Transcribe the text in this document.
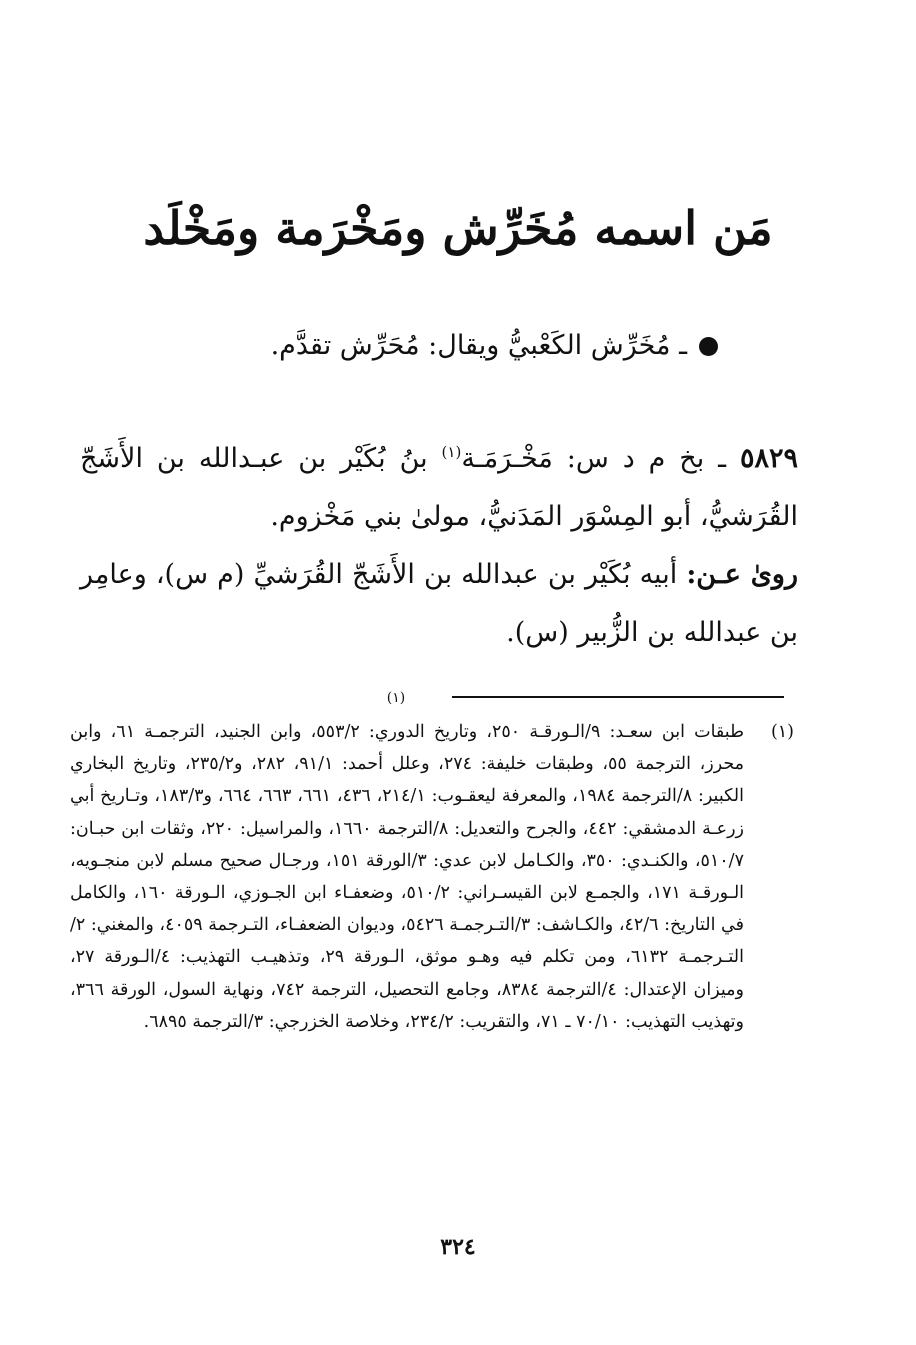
مَن اسمه مُخَرِّش ومَخْرَمة ومَخْلَد
ـ مُخَرِّش الكَعْبيُّ ويقال: مُحَرِّش تقدَّم.

٥٨٢٩ ـ بخ م د س: مَخْـرَمَـة$^{(١)}$ بنُ بُكَيْر بن عبـدالله بن الأَشَجّ القُرَشيُّ، أبو المِسْوَر المَدَنيُّ، مولىٰ بني مَخْزوم.

روىٰ عـن: أبيه بُكَيْر بن عبدالله بن الأَشَجّ القُرَشيِّ (م س)، وعامِر بن عبدالله بن الزُّبير (س).

(١)
(١)
طبقات ابن سعـد: ٩/الـورقـة ٢٥٠، وتاريخ الدوري: ٥٥٣/٢، وابن الجنيد، الترجمـة ٦١، وابن محرز، الترجمة ٥٥، وطبقات خليفة: ٢٧٤، وعلل أحمد: ٩١/١، ٢٨٢، و٢٣٥/٢، وتاريخ البخاري الكبير: ٨/الترجمة ١٩٨٤، والمعرفة ليعقـوب: ٢١٤/١، ٤٣٦، ٦٦١، ٦٦٣، ٦٦٤، و١٨٣/٣، وتـاريخ أبي زرعـة الدمشقي: ٤٤٢، والجرح والتعديل: ٨/الترجمة ١٦٦٠، والمراسيل: ٢٢٠، وثقات ابن حبـان: ٥١٠/٧، والكنـدي: ٣٥٠، والكـامل لابن عدي: ٣/الورقة ١٥١، ورجـال صحيح مسلم لابن منجـويه، الـورقـة ١٧١، والجمـع لابن القيسـراني: ٥١٠/٢، وضعفـاء ابن الجـوزي، الـورقة ١٦٠، والكامل في التاريخ: ٤٢/٦، والكـاشف: ٣/التـرجمـة ٥٤٢٦، وديوان الضعفـاء، التـرجمة ٤٠٥٩، والمغني: ٢/التـرجمـة ٦١٣٢، ومن تكلم فيه وهـو موثق، الـورقة ٢٩، وتذهيـب التهذيب: ٤/الـورقة ٢٧، وميزان الإعتدال: ٤/الترجمة ٨٣٨٤، وجامع التحصيل، الترجمة ٧٤٢، ونهاية السول، الورقة ٣٦٦، وتهذيب التهذيب: ٧٠/١٠ ـ ٧١، والتقريب: ٢٣٤/٢، وخلاصة الخزرجي: ٣/الترجمة ٦٨٩٥.
٣٢٤
